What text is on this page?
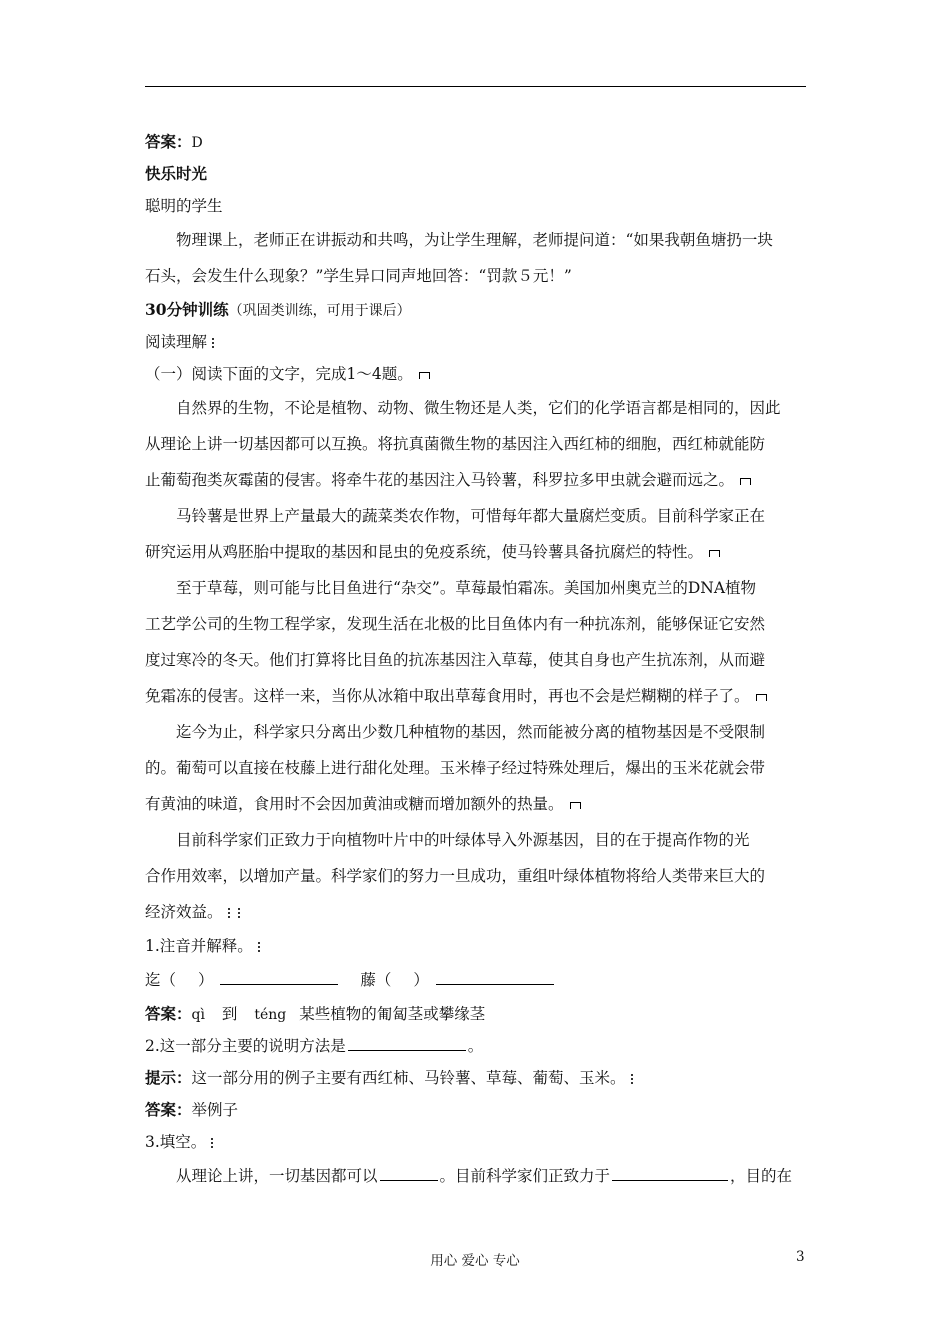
答案：D
快乐时光
聪明的学生
物理课上，老师正在讲振动和共鸣，为让学生理解，老师提问道：“如果我朝鱼塘扔一块
石头，会发生什么现象？”学生异口同声地回答：“罚款５元！”
30分钟训练（巩固类训练，可用于课后）
阅读理解
（一）阅读下面的文字，完成1～4题。
自然界的生物，不论是植物、动物、微生物还是人类，它们的化学语言都是相同的，因此
从理论上讲一切基因都可以互换。将抗真菌微生物的基因注入西红柿的细胞，西红柿就能防
止葡萄孢类灰霉菌的侵害。将牵牛花的基因注入马铃薯，科罗拉多甲虫就会避而远之。
马铃薯是世界上产量最大的蔬菜类农作物，可惜每年都大量腐烂变质。目前科学家正在
研究运用从鸡胚胎中提取的基因和昆虫的免疫系统，使马铃薯具备抗腐烂的特性。
至于草莓，则可能与比目鱼进行“杂交”。草莓最怕霜冻。美国加州奥克兰的DNA植物
工艺学公司的生物工程学家，发现生活在北极的比目鱼体内有一种抗冻剂，能够保证它安然
度过寒冷的冬天。他们打算将比目鱼的抗冻基因注入草莓，使其自身也产生抗冻剂，从而避
免霜冻的侵害。这样一来，当你从冰箱中取出草莓食用时，再也不会是烂糊糊的样子了。
迄今为止，科学家只分离出少数几种植物的基因，然而能被分离的植物基因是不受限制
的。葡萄可以直接在枝藤上进行甜化处理。玉米棒子经过特殊处理后，爆出的玉米花就会带
有黄油的味道，食用时不会因加黄油或糖而增加额外的热量。
目前科学家们正致力于向植物叶片中的叶绿体导入外源基因，目的在于提高作物的光
合作用效率，以增加产量。科学家们的努力一旦成功，重组叶绿体植物将给人类带来巨大的
经济效益。
1.注音并解释。
迄（ ）	藤（ ）
答案：qì 到 téng 某些植物的匍匐茎或攀缘茎
2.这一部分主要的说明方法是	。
提示：这一部分用的例子主要有西红柿、马铃薯、草莓、葡萄、玉米。
答案：举例子
3.填空。
从理论上讲，一切基因都可以	。目前科学家们正致力于	，目的在
用心 爱心 专心	3
